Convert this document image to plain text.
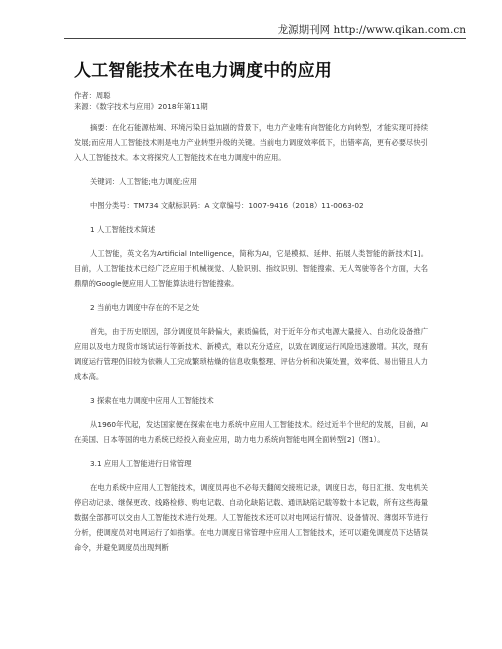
龙源期刊网 http://www.qikan.com.cn
人工智能技术在电力调度中的应用
作者：周聪
来源：《数字技术与应用》2018年第11期

摘要：在化石能源枯竭、环境污染日益加剧的背景下，电力产业唯有向智能化方向转型，才能实现可持续发展;而应用人工智能技术则是电力产业转型升级的关键。当前电力调度效率低下，出错率高，更有必要尽快引入人工智能技术。本文将探究人工智能技术在电力调度中的应用。

关键词：人工智能;电力调度;应用

中图分类号：TM734 文献标识码：A 文章编号：1007-9416（2018）11-0063-02

1 人工智能技术简述

人工智能，英文名为Artificial Intelligence，简称为AI，它是模拟、延伸、拓展人类智能的新技术[1]。目前，人工智能技术已经广泛应用于机械视觉、人脸识别、指纹识别、智能搜索、无人驾驶等各个方面，大名鼎鼎的Google便应用人工智能算法进行智能搜索。

2 当前电力调度中存在的不足之处

首先，由于历史原因，部分调度员年龄偏大，素质偏低，对于近年分布式电源大量接入、自动化设备推广应用以及电力现货市场试运行等新技术、新模式，难以充分适应，以致在调度运行风险迅速激增。其次，现有调度运行管理仍旧较为依赖人工完成繁琐枯燥的信息收集整理、评估分析和决策处置，效率低、易出错且人力成本高。

3 探索在电力调度中应用人工智能技术

从1960年代起，发达国家便在探索在电力系统中应用人工智能技术。经过近半个世纪的发展，目前，AI在美国、日本等国的电力系统已经投入商业应用，助力电力系统向智能电网全面转型[2]（图1）。

3.1 应用人工智能进行日常管理

在电力系统中应用人工智能技术，调度员再也不必每天翻阅交接班记录，调度日志，每日汇报、发电机关停启动记录、继保更改、线路检修、购电记载、自动化缺陷记载、通讯缺陷记载等数十本记载，所有这些海量数据全部都可以交由人工智能技术进行处理。人工智能技术还可以对电网运行情况、设备情况、薄弱环节进行分析，使调度员对电网运行了如指掌。在电力调度日常管理中应用人工智能技术，还可以避免调度员下达错误命令，并避免调度员出现判断
